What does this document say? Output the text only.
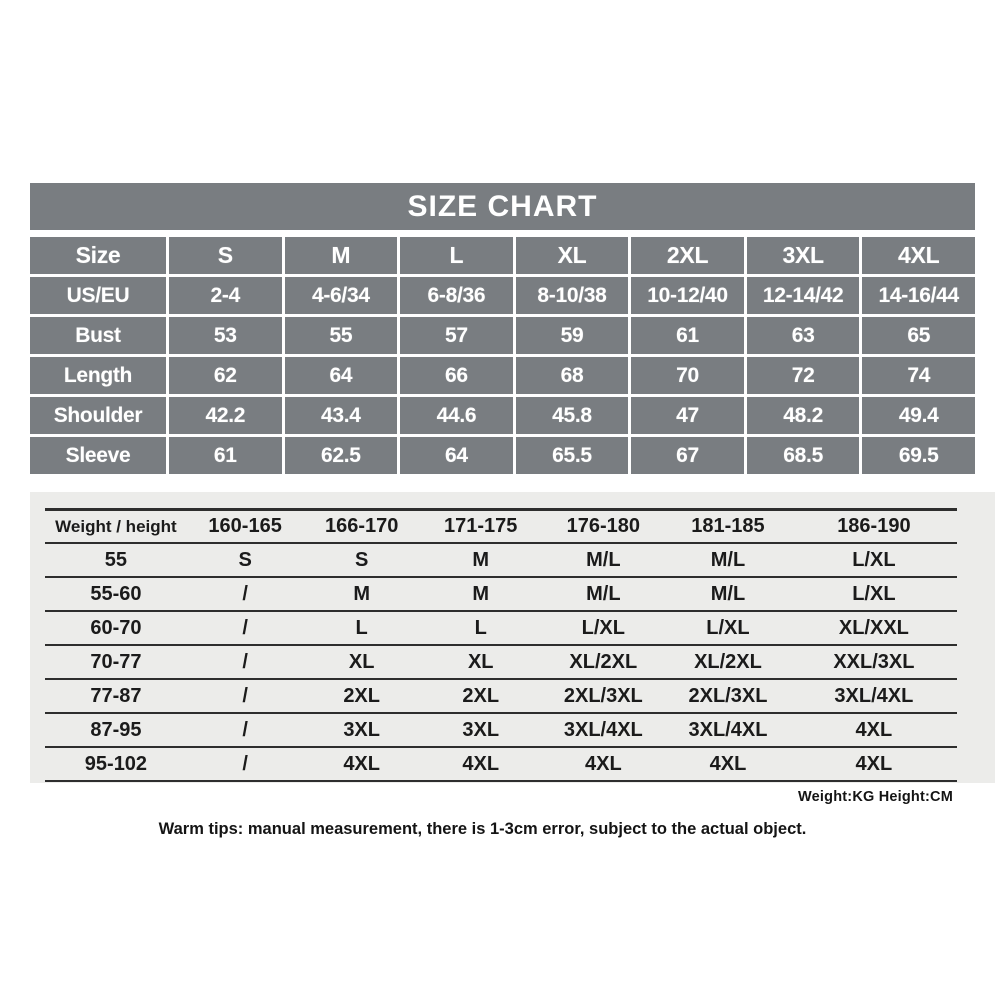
SIZE CHART
Size	S	M	L	XL	2XL	3XL	4XL
US/EU	2-4	4-6/34	6-8/36	8-10/38	10-12/40	12-14/42	14-16/44
Bust	53	55	57	59	61	63	65
Length	62	64	66	68	70	72	74
Shoulder	42.2	43.4	44.6	45.8	47	48.2	49.4
Sleeve	61	62.5	64	65.5	67	68.5	69.5
Weight / height	160-165	166-170	171-175	176-180	181-185	186-190
55	S	S	M	M/L	M/L	L/XL
55-60	/	M	M	M/L	M/L	L/XL
60-70	/	L	L	L/XL	L/XL	XL/XXL
70-77	/	XL	XL	XL/2XL	XL/2XL	XXL/3XL
77-87	/	2XL	2XL	2XL/3XL	2XL/3XL	3XL/4XL
87-95	/	3XL	3XL	3XL/4XL	3XL/4XL	4XL
95-102	/	4XL	4XL	4XL	4XL	4XL
Weight:KG Height:CM
Warm tips: manual measurement, there is 1-3cm error, subject to the actual object.
